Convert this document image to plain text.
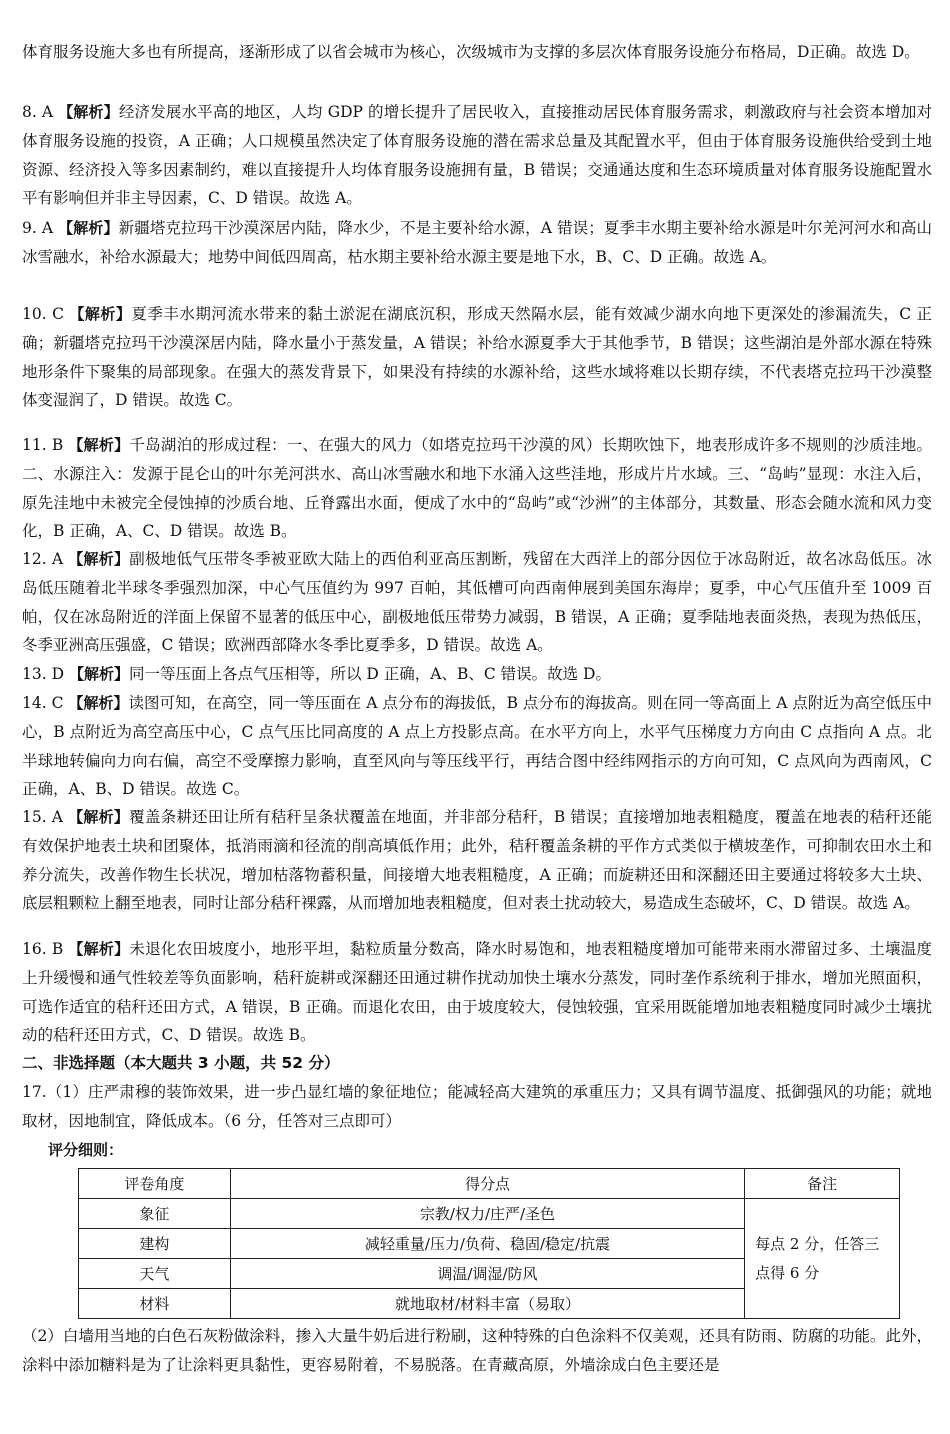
体育服务设施大多也有所提高，逐渐形成了以省会城市为核心，次级城市为支撑的多层次体育服务设施分布格局，D正确。故选 D。

8. A 【解析】经济发展水平高的地区，人均 GDP 的增长提升了居民收入，直接推动居民体育服务需求，刺激政府与社会资本增加对体育服务设施的投资，A 正确；人口规模虽然决定了体育服务设施的潜在需求总量及其配置水平，但由于体育服务设施供给受到土地资源、经济投入等多因素制约，难以直接提升人均体育服务设施拥有量，B 错误；交通通达度和生态环境质量对体育服务设施配置水平有影响但并非主导因素，C、D 错误。故选 A。

9. A 【解析】新疆塔克拉玛干沙漠深居内陆，降水少，不是主要补给水源，A 错误；夏季丰水期主要补给水源是叶尔羌河河水和高山冰雪融水，补给水源最大；地势中间低四周高，枯水期主要补给水源主要是地下水，B、C、D 正确。故选 A。

10. C 【解析】夏季丰水期河流水带来的黏土淤泥在湖底沉积，形成天然隔水层，能有效减少湖水向地下更深处的渗漏流失，C 正确；新疆塔克拉玛干沙漠深居内陆，降水量小于蒸发量，A 错误；补给水源夏季大于其他季节，B 错误；这些湖泊是外部水源在特殊地形条件下聚集的局部现象。在强大的蒸发背景下，如果没有持续的水源补给，这些水域将难以长期存续，不代表塔克拉玛干沙漠整体变湿润了，D 错误。故选 C。

11. B 【解析】千岛湖泊的形成过程：一、在强大的风力（如塔克拉玛干沙漠的风）长期吹蚀下，地表形成许多不规则的沙质洼地。二、水源注入：发源于昆仑山的叶尔羌河洪水、高山冰雪融水和地下水涌入这些洼地，形成片片水域。三、“岛屿”显现：水注入后，原先洼地中未被完全侵蚀掉的沙质台地、丘脊露出水面，便成了水中的“岛屿”或“沙洲”的主体部分，其数量、形态会随水流和风力变化，B 正确，A、C、D 错误。故选 B。

12. A 【解析】副极地低气压带冬季被亚欧大陆上的西伯利亚高压割断，残留在大西洋上的部分因位于冰岛附近，故名冰岛低压。冰岛低压随着北半球冬季强烈加深，中心气压值约为 997 百帕，其低槽可向西南伸展到美国东海岸；夏季，中心气压值升至 1009 百帕，仅在冰岛附近的洋面上保留不显著的低压中心，副极地低压带势力减弱，B 错误，A 正确；夏季陆地表面炎热，表现为热低压，冬季亚洲高压强盛，C 错误；欧洲西部降水冬季比夏季多，D 错误。故选 A。

13. D 【解析】同一等压面上各点气压相等，所以 D 正确，A、B、C 错误。故选 D。

14. C 【解析】读图可知，在高空，同一等压面在 A 点分布的海拔低，B 点分布的海拔高。则在同一等高面上 A 点附近为高空低压中心，B 点附近为高空高压中心，C 点气压比同高度的 A 点上方投影点高。在水平方向上，水平气压梯度力方向由 C 点指向 A 点。北半球地转偏向力向右偏，高空不受摩擦力影响，直至风向与等压线平行，再结合图中经纬网指示的方向可知，C 点风向为西南风，C 正确，A、B、D 错误。故选 C。

15. A 【解析】覆盖条耕还田让所有秸秆呈条状覆盖在地面，并非部分秸秆，B 错误；直接增加地表粗糙度，覆盖在地表的秸秆还能有效保护地表土块和团聚体，抵消雨滴和径流的削高填低作用；此外，秸秆覆盖条耕的平作方式类似于横坡垄作，可抑制农田水土和养分流失，改善作物生长状况，增加枯落物蓄积量，间接增大地表粗糙度，A 正确；而旋耕还田和深翻还田主要通过将较多大土块、底层粗颗粒上翻至地表，同时让部分秸秆裸露，从而增加地表粗糙度，但对表土扰动较大，易造成生态破坏，C、D 错误。故选 A。

16. B 【解析】未退化农田坡度小，地形平坦，黏粒质量分数高，降水时易饱和，地表粗糙度增加可能带来雨水滞留过多、土壤温度上升缓慢和通气性较差等负面影响，秸秆旋耕或深翻还田通过耕作扰动加快土壤水分蒸发，同时垄作系统利于排水，增加光照面积，可选作适宜的秸秆还田方式，A 错误，B 正确。而退化农田，由于坡度较大，侵蚀较强，宜采用既能增加地表粗糙度同时减少土壤扰动的秸秆还田方式，C、D 错误。故选 B。

二、非选择题（本大题共 3 小题，共 52 分）

17.（1）庄严肃穆的装饰效果，进一步凸显红墙的象征地位；能减轻高大建筑的承重压力；又具有调节温度、抵御强风的功能；就地取材，因地制宜，降低成本。（6 分，任答对三点即可）

评分细则：
评卷角度	得分点	备注
象征	宗教/权力/庄严/圣色	每点 2 分，任答三点得 6 分
建构	减轻重量/压力/负荷、稳固/稳定/抗震	
天气	调温/调湿/防风	
材料	就地取材/材料丰富（易取）	

（2）白墙用当地的白色石灰粉做涂料，掺入大量牛奶后进行粉刷，这种特殊的白色涂料不仅美观，还具有防雨、防腐的功能。此外，涂料中添加糖料是为了让涂料更具黏性，更容易附着，不易脱落。在青藏高原，外墙涂成白色主要还是
